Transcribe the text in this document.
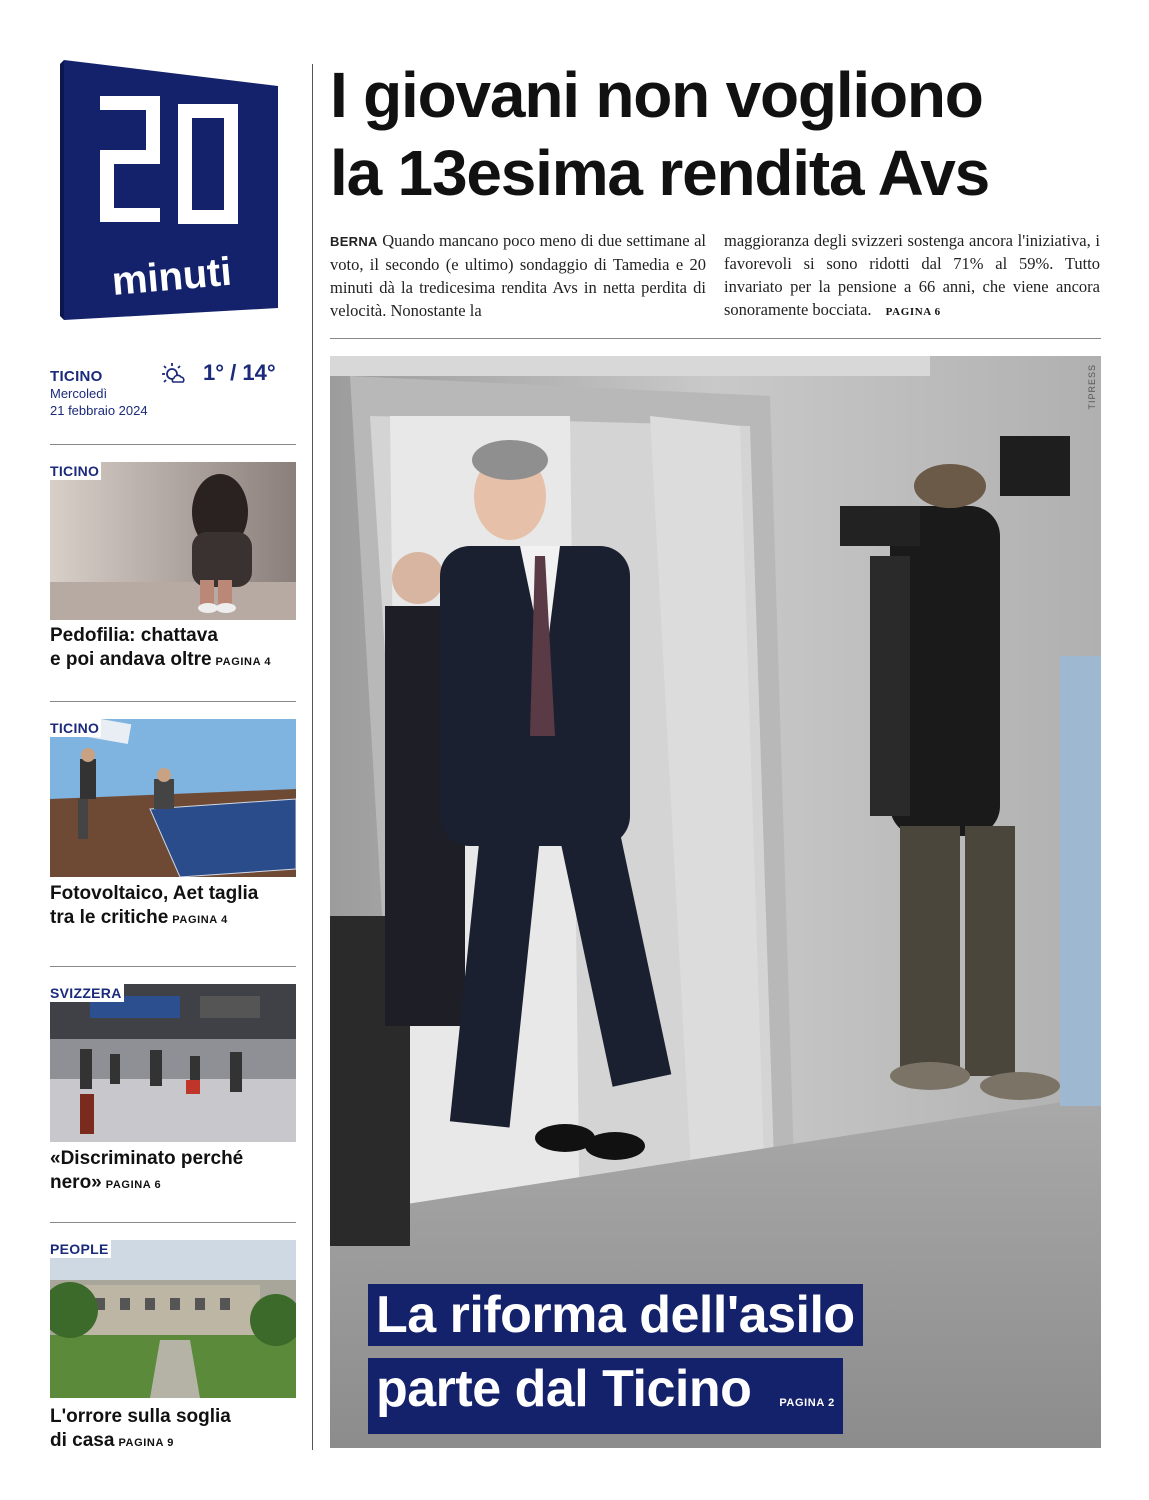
minuti
TICINO
Mercoledì
21 febbraio 2024
1° / 14°
TICINO
Pedofilia: chattava
e poi andava oltre PAGINA 4
TICINO
Fotovoltaico, Aet taglia
tra le critiche PAGINA 4
SVIZZERA
«Discriminato perché
nero» PAGINA 6
PEOPLE
L'orrore sulla soglia
di casa PAGINA 9
I giovani non vogliono
la 13esima rendita Avs
BERNA Quando mancano poco meno di due settimane al voto, il secondo (e ultimo) sondaggio di Tamedia e 20 minuti dà la tredicesima rendita Avs in netta perdita di velocità. Nonostante la
maggioranza degli svizzeri sostenga ancora l'iniziativa, i favorevoli si sono ridotti dal 71% al 59%. Tutto invariato per la pensione a 66 anni, che viene ancora sonoramente bocciata. PAGINA 6
TIPRESS
La riforma dell'asilo
parte dal Ticino	PAGINA 2
